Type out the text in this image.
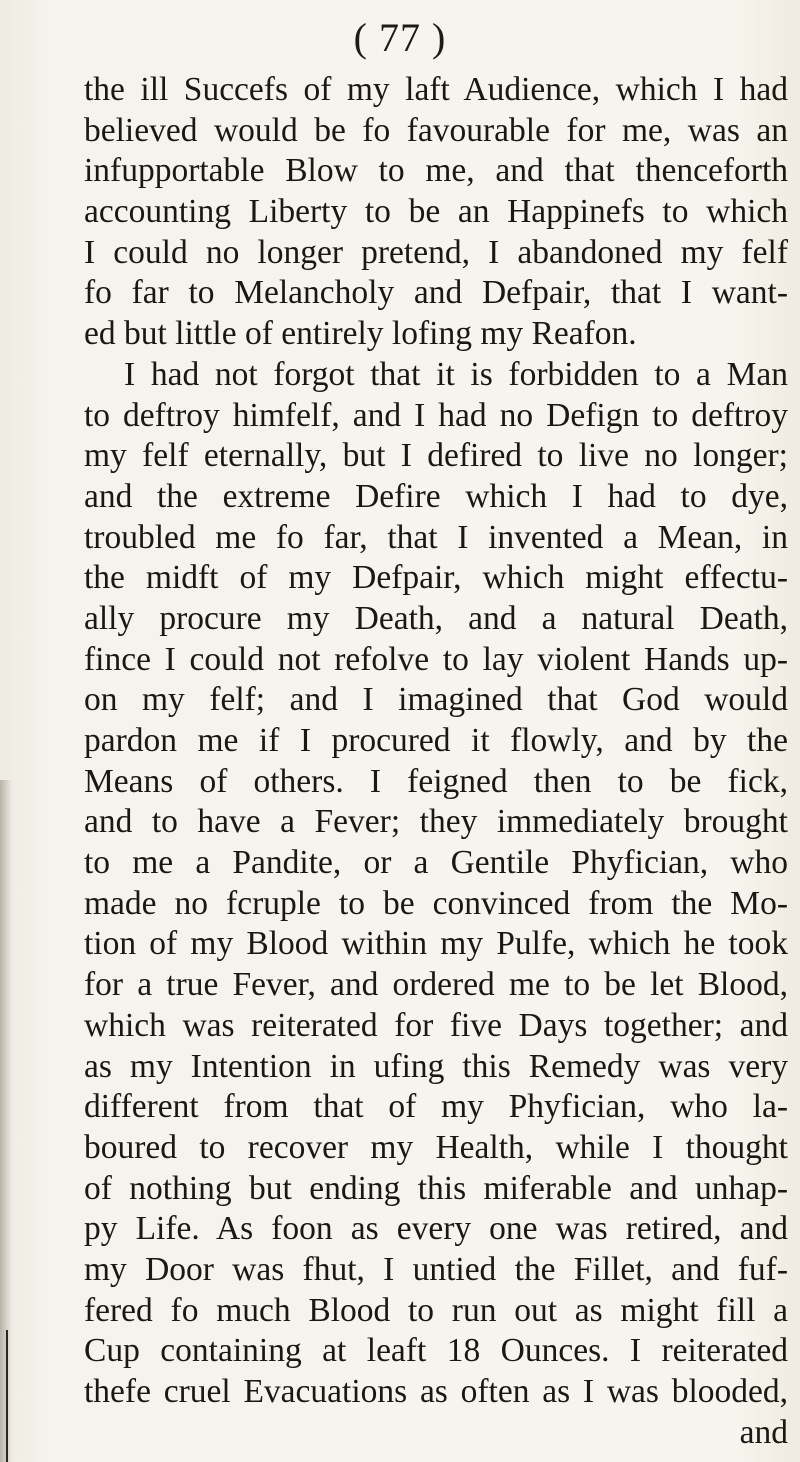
( 77 )
the ill Succefs of my laft Audience, which I had
believed would be fo favourable for me, was an
infupportable Blow to me, and that thenceforth
accounting Liberty to be an Happinefs to which
I could no longer pretend, I abandoned my felf
fo far to Melancholy and Defpair, that I want-
ed but little of entirely lofing my Reafon.
I had not forgot that it is forbidden to a Man
to deftroy himfelf, and I had no Defign to deftroy
my felf eternally, but I defired to live no longer;
and the extreme Defire which I had to dye,
troubled me fo far, that I invented a Mean, in
the midft of my Defpair, which might effectu-
ally procure my Death, and a natural Death,
fince I could not refolve to lay violent Hands up-
on my felf; and I imagined that God would
pardon me if I procured it flowly, and by the
Means of others. I feigned then to be fick,
and to have a Fever; they immediately brought
to me a Pandite, or a Gentile Phyfician, who
made no fcruple to be convinced from the Mo-
tion of my Blood within my Pulfe, which he took
for a true Fever, and ordered me to be let Blood,
which was reiterated for five Days together; and
as my Intention in ufing this Remedy was very
different from that of my Phyfician, who la-
boured to recover my Health, while I thought
of nothing but ending this miferable and unhap-
py Life. As foon as every one was retired, and
my Door was fhut, I untied the Fillet, and fuf-
fered fo much Blood to run out as might fill a
Cup containing at leaft 18 Ounces. I reiterated
thefe cruel Evacuations as often as I was blooded,
and
